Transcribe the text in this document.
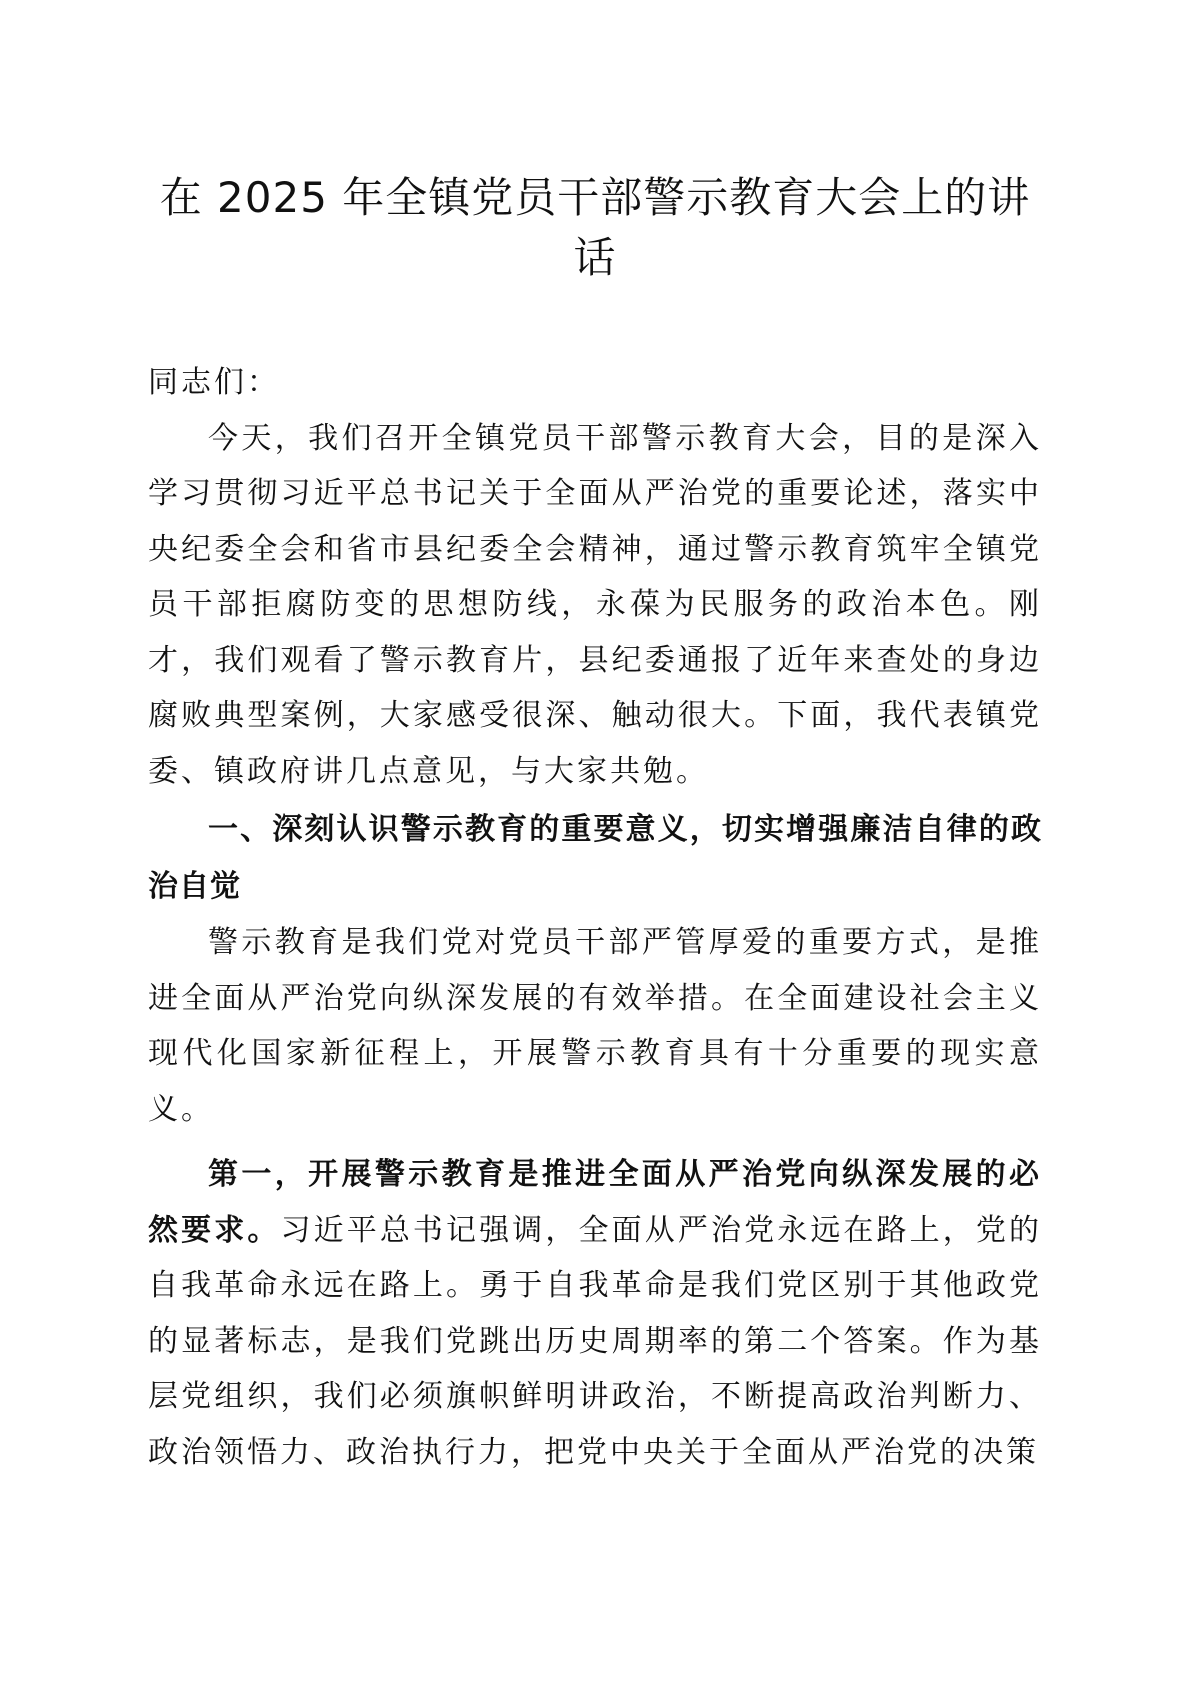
在 2025 年全镇党员干部警示教育大会上的讲话

同志们：

今天，我们召开全镇党员干部警示教育大会，目的是深入学习贯彻习近平总书记关于全面从严治党的重要论述，落实中央纪委全会和省市县纪委全会精神，通过警示教育筑牢全镇党员干部拒腐防变的思想防线，永葆为民服务的政治本色。刚才，我们观看了警示教育片，县纪委通报了近年来查处的身边腐败典型案例，大家感受很深、触动很大。下面，我代表镇党委、镇政府讲几点意见，与大家共勉。

一、深刻认识警示教育的重要意义，切实增强廉洁自律的政治自觉

警示教育是我们党对党员干部严管厚爱的重要方式，是推进全面从严治党向纵深发展的有效举措。在全面建设社会主义现代化国家新征程上，开展警示教育具有十分重要的现实意义。

第一，开展警示教育是推进全面从严治党向纵深发展的必然要求。习近平总书记强调，全面从严治党永远在路上，党的自我革命永远在路上。勇于自我革命是我们党区别于其他政党的显著标志，是我们党跳出历史周期率的第二个答案。作为基层党组织，我们必须旗帜鲜明讲政治，不断提高政治判断力、政治领悟力、政治执行力，把党中央关于全面从严治党的决策
